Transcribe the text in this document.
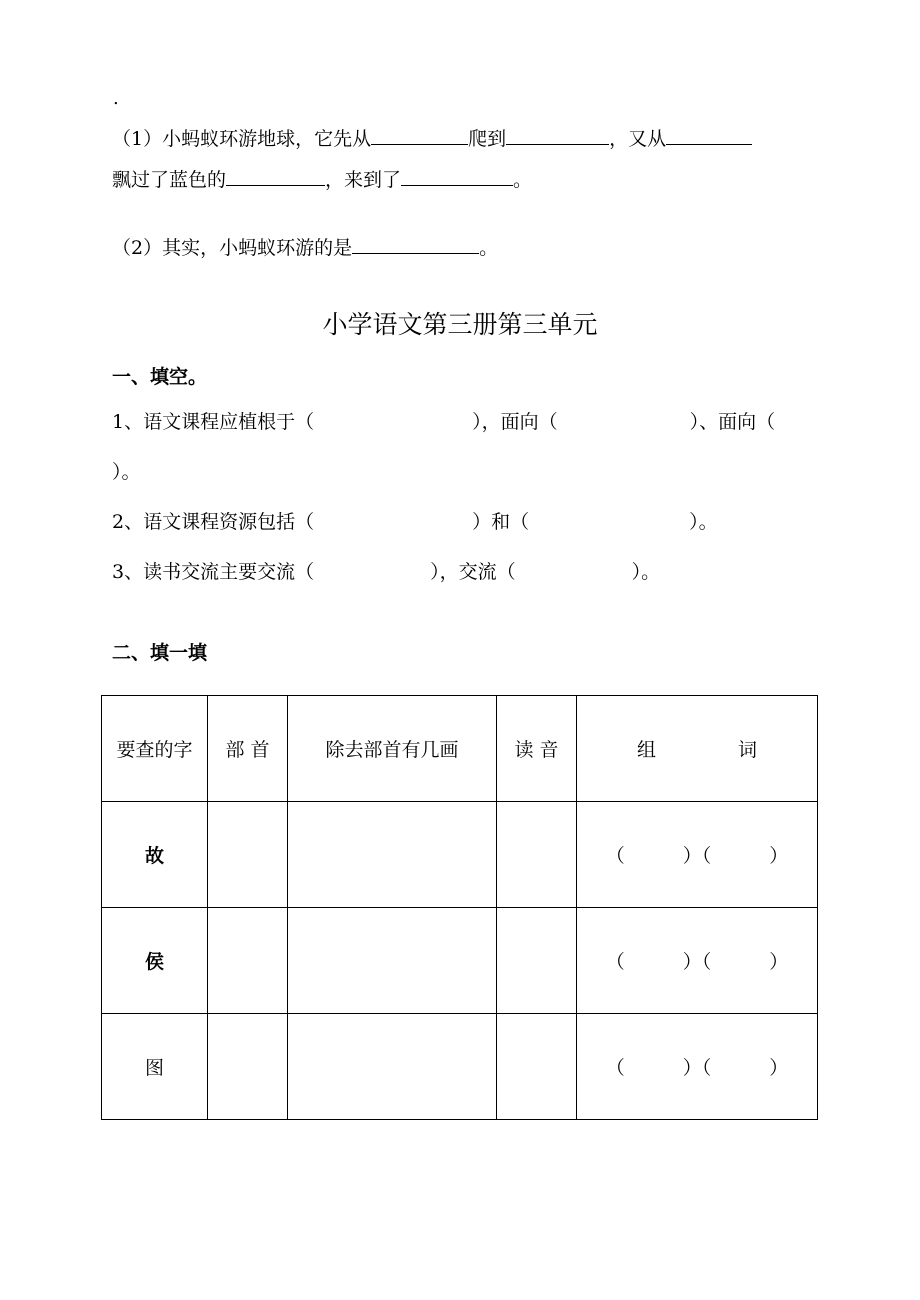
.
（1）小蚂蚁环游地球，它先从	爬到	，又从
飘过了蓝色的	，来到了	。
（2）其实，小蚂蚁环游的是	。
小学语文第三册第三单元
一、填空。
1、语文课程应植根于（	），面向（	）、面向（
）。
2、语文课程资源包括（	）和（	）。
3、读书交流主要交流（	），交流（	）。
二、填一填
要查的字	部 首	除去部首有几画	读 音	组 词
故				（ ）（ ）
侯				（ ）（ ）
图				（ ）（ ）
